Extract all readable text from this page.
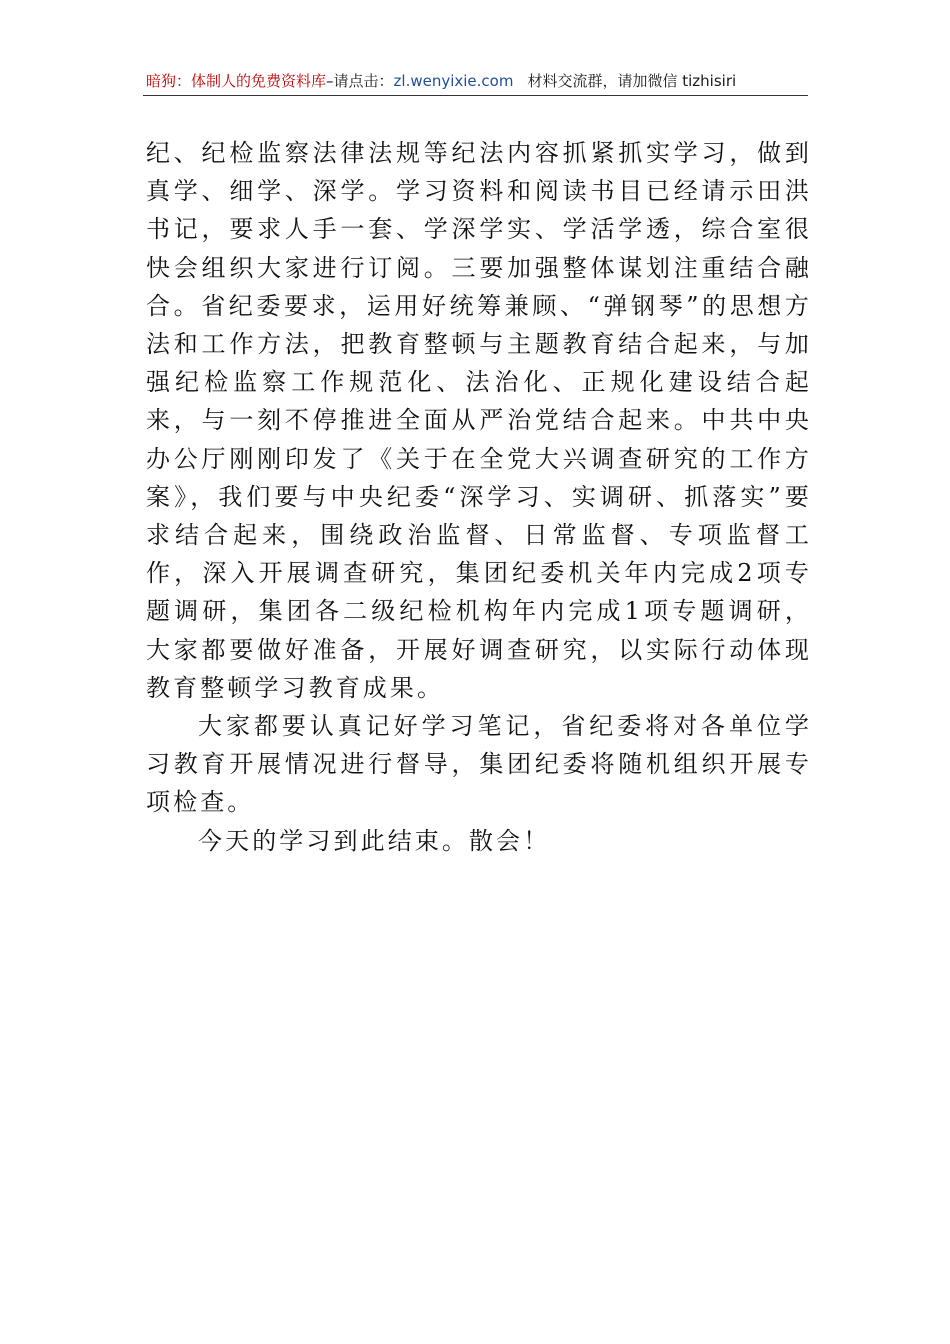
暗狗：体制人的免费资料库–请点击：zl.wenyixie.com 材料交流群，请加微信 tizhisiri

纪、纪检监察法律法规等纪法内容抓紧抓实学习，做到真学、细学、深学。学习资料和阅读书目已经请示田洪书记，要求人手一套、学深学实、学活学透，综合室很快会组织大家进行订阅。三要加强整体谋划注重结合融合。省纪委要求，运用好统筹兼顾、“弹钢琴”的思想方法和工作方法，把教育整顿与主题教育结合起来，与加强纪检监察工作规范化、法治化、正规化建设结合起来，与一刻不停推进全面从严治党结合起来。中共中央办公厅刚刚印发了《关于在全党大兴调查研究的工作方案》，我们要与中央纪委“深学习、实调研、抓落实”要求结合起来，围绕政治监督、日常监督、专项监督工作，深入开展调查研究，集团纪委机关年内完成2项专题调研，集团各二级纪检机构年内完成1项专题调研，大家都要做好准备，开展好调查研究，以实际行动体现教育整顿学习教育成果。

大家都要认真记好学习笔记，省纪委将对各单位学习教育开展情况进行督导，集团纪委将随机组织开展专项检查。

今天的学习到此结束。散会！
